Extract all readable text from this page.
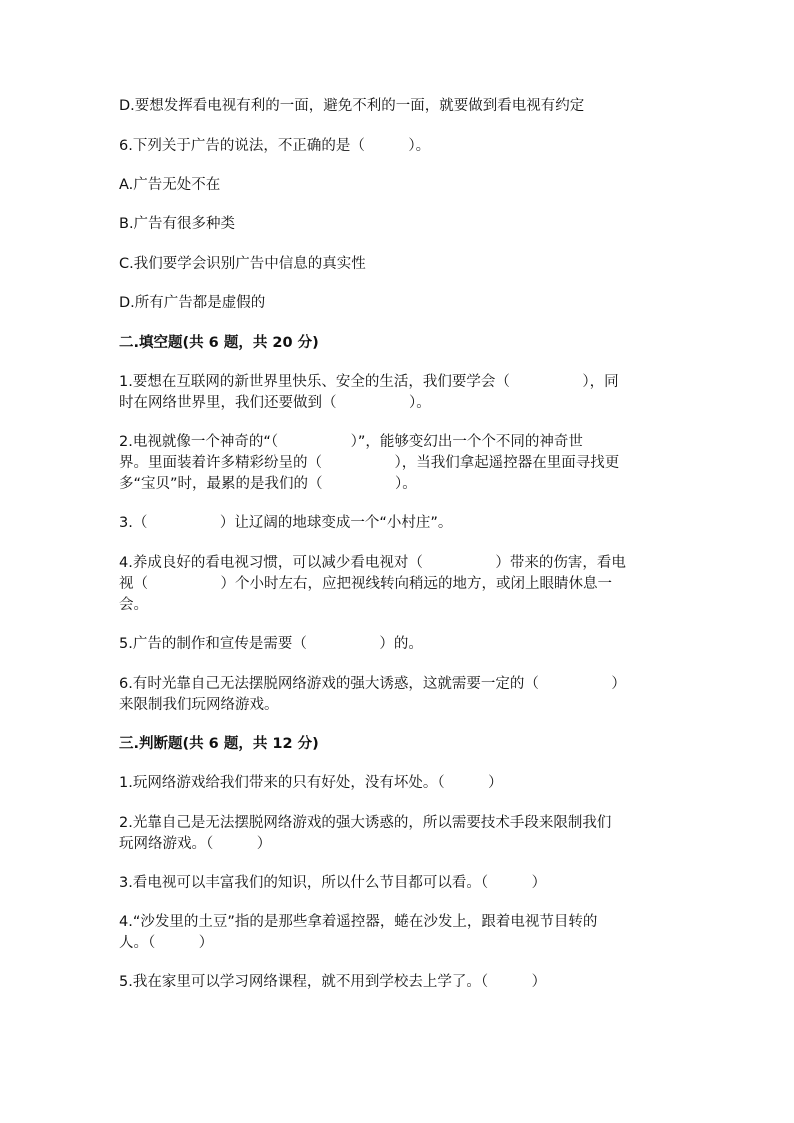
D.要想发挥看电视有利的一面，避免不利的一面，就要做到看电视有约定

6.下列关于广告的说法，不正确的是（　　　）。

A.广告无处不在

B.广告有很多种类

C.我们要学会识别广告中信息的真实性

D.所有广告都是虚假的

二.填空题(共 6 题，共 20 分)

1.要想在互联网的新世界里快乐、安全的生活，我们要学会（　　　　　），同

时在网络世界里，我们还要做到（　　　　　）。

2.电视就像一个神奇的“（　　　　　）”，能够变幻出一个个不同的神奇世

界。里面装着许多精彩纷呈的（　　　　　），当我们拿起遥控器在里面寻找更

多“宝贝”时，最累的是我们的（　　　　　）。

3.（　　　　　）让辽阔的地球变成一个“小村庄”。

4.养成良好的看电视习惯，可以减少看电视对（　　　　　）带来的伤害，看电

视（　　　　　）个小时左右，应把视线转向稍远的地方，或闭上眼睛休息一

会。

5.广告的制作和宣传是需要（　　　　　）的。

6.有时光靠自己无法摆脱网络游戏的强大诱惑，这就需要一定的（　　　　　）

来限制我们玩网络游戏。

三.判断题(共 6 题，共 12 分)

1.玩网络游戏给我们带来的只有好处，没有坏处。（　　　）

2.光靠自己是无法摆脱网络游戏的强大诱惑的，所以需要技术手段来限制我们

玩网络游戏。（　　　）

3.看电视可以丰富我们的知识，所以什么节目都可以看。（　　　）

4.“沙发里的土豆”指的是那些拿着遥控器，蜷在沙发上，跟着电视节目转的

人。（　　　）

5.我在家里可以学习网络课程，就不用到学校去上学了。（　　　）
